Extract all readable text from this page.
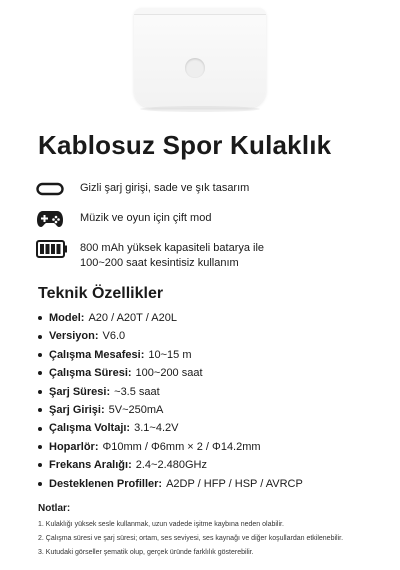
Kablosuz Spor Kulaklık
Gizli şarj girişi, sade ve şık tasarım
Müzik ve oyun için çift mod
800 mAh yüksek kapasiteli batarya ile
100~200 saat kesintisiz kullanım
Teknik Özellikler
Model: A20 / A20T / A20L
Versiyon: V6.0
Çalışma Mesafesi: 10~15 m
Çalışma Süresi: 100~200 saat
Şarj Süresi: ~3.5 saat
Şarj Girişi: 5V~250mA
Çalışma Voltajı: 3.1~4.2V
Hoparlör: Φ10mm / Φ6mm × 2 / Φ14.2mm
Frekans Aralığı: 2.4~2.480GHz
Desteklenen Profiller: A2DP / HFP / HSP / AVRCP
Notlar:
1. Kulaklığı yüksek sesle kullanmak, uzun vadede işitme kaybına neden olabilir.
2. Çalışma süresi ve şarj süresi; ortam, ses seviyesi, ses kaynağı ve diğer koşullardan etkilenebilir.
3. Kutudaki görseller şematik olup, gerçek üründe farklılık gösterebilir.
